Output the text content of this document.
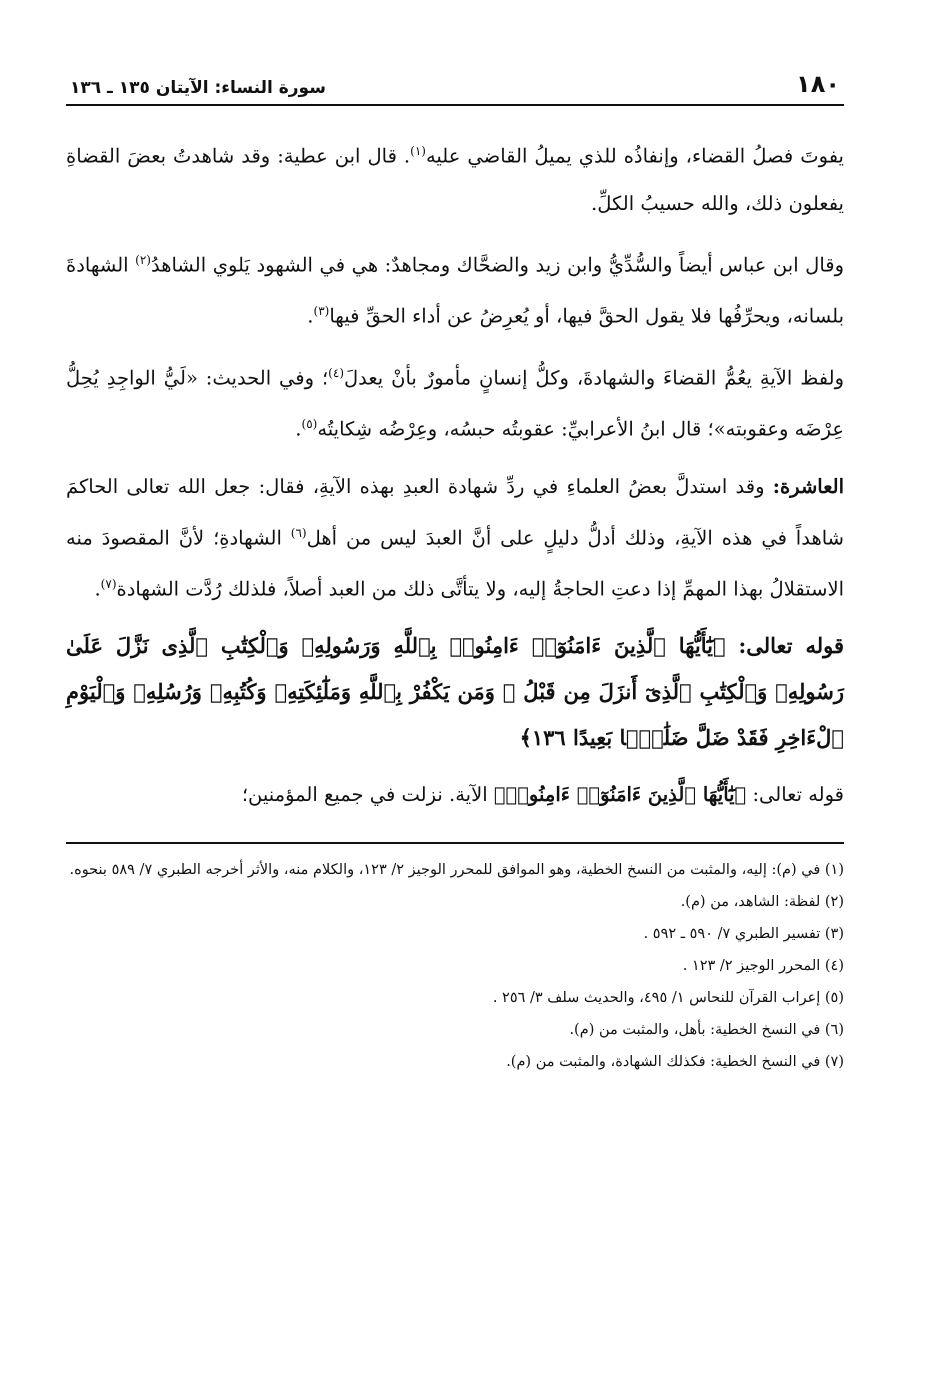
١٨٠
سورة النساء: الآيتان ١٣٥ ـ ١٣٦

يفوتَ فصلُ القضاء، وإنفاذُه للذي يميلُ القاضي عليه$^{(١)}$. قال ابن عطية: وقد شاهدتُ بعضَ القضاةِ يفعلون ذلك، والله حسيبُ الكلِّ.

وقال ابن عباس أيضاً والسُّدِّيُّ وابن زيد والضحَّاك ومجاهدٌ: هي في الشهود يَلوي الشاهدُ$^{(٢)}$ الشهادةَ بلسانه، ويحرِّفُها فلا يقول الحقَّ فيها، أو يُعرِضُ عن أداء الحقِّ فيها$^{(٣)}$.

ولفظ الآيةِ يعُمُّ القضاءَ والشهادةَ، وكلُّ إنسانٍ مأمورٌ بأنْ يعدلَ$^{(٤)}$؛ وفي الحديث: «لَيُّ الواجِدِ يُحِلُّ عِرْضَه وعقوبته»؛ قال ابنُ الأعرابيِّ: عقوبتُه حبسُه، وعِرْضُه شِكايتُه$^{(٥)}$.

العاشرة: وقد استدلَّ بعضُ العلماءِ في ردِّ شهادة العبدِ بهذه الآيةِ، فقال: جعل الله تعالى الحاكمَ شاهداً في هذه الآيةِ، وذلك أدلُّ دليلٍ على أنَّ العبدَ ليس من أهل$^{(٦)}$ الشهادةِ؛ لأنَّ المقصودَ منه الاستقلالُ بهذا المهمِّ إذا دعتِ الحاجةُ إليه، ولا يتأتَّى ذلك من العبد أصلاً، فلذلك رُدَّت الشهادة$^{(٧)}$.

قوله تعالى: ﴿يَٰٓأَيُّهَا ٱلَّذِينَ ءَامَنُوٓا۟ ءَامِنُوا۟ بِٱللَّهِ وَرَسُولِهِۦ وَٱلْكِتَٰبِ ٱلَّذِى نَزَّلَ عَلَىٰ رَسُولِهِۦ وَٱلْكِتَٰبِ ٱلَّذِىٓ أَنزَلَ مِن قَبْلُ ۚ وَمَن يَكْفُرْ بِٱللَّهِ وَمَلَٰٓئِكَتِهِۦ وَكُتُبِهِۦ وَرُسُلِهِۦ وَٱلْيَوْمِ ٱلْءَاخِرِ فَقَدْ ضَلَّ ضَلَٰلًۢا بَعِيدًا ١٣٦﴾

قوله تعالى: ﴿يَٰٓأَيُّهَا ٱلَّذِينَ ءَامَنُوٓا۟ ءَامِنُوا۟﴾ الآية. نزلت في جميع المؤمنين؛

(١) في (م): إليه، والمثبت من النسخ الخطية، وهو الموافق للمحرر الوجيز ٢/ ١٢٣، والكلام منه، والأثر أخرجه الطبري ٧/ ٥٨٩ بنحوه.

(٢) لفظة: الشاهد، من (م).

(٣) تفسير الطبري ٧/ ٥٩٠ ـ ٥٩٢ .

(٤) المحرر الوجيز ٢/ ١٢٣ .

(٥) إعراب القرآن للنحاس ١/ ٤٩٥، والحديث سلف ٣/ ٢٥٦ .

(٦) في النسخ الخطية: بأهل، والمثبت من (م).

(٧) في النسخ الخطية: فكذلك الشهادة، والمثبت من (م).
